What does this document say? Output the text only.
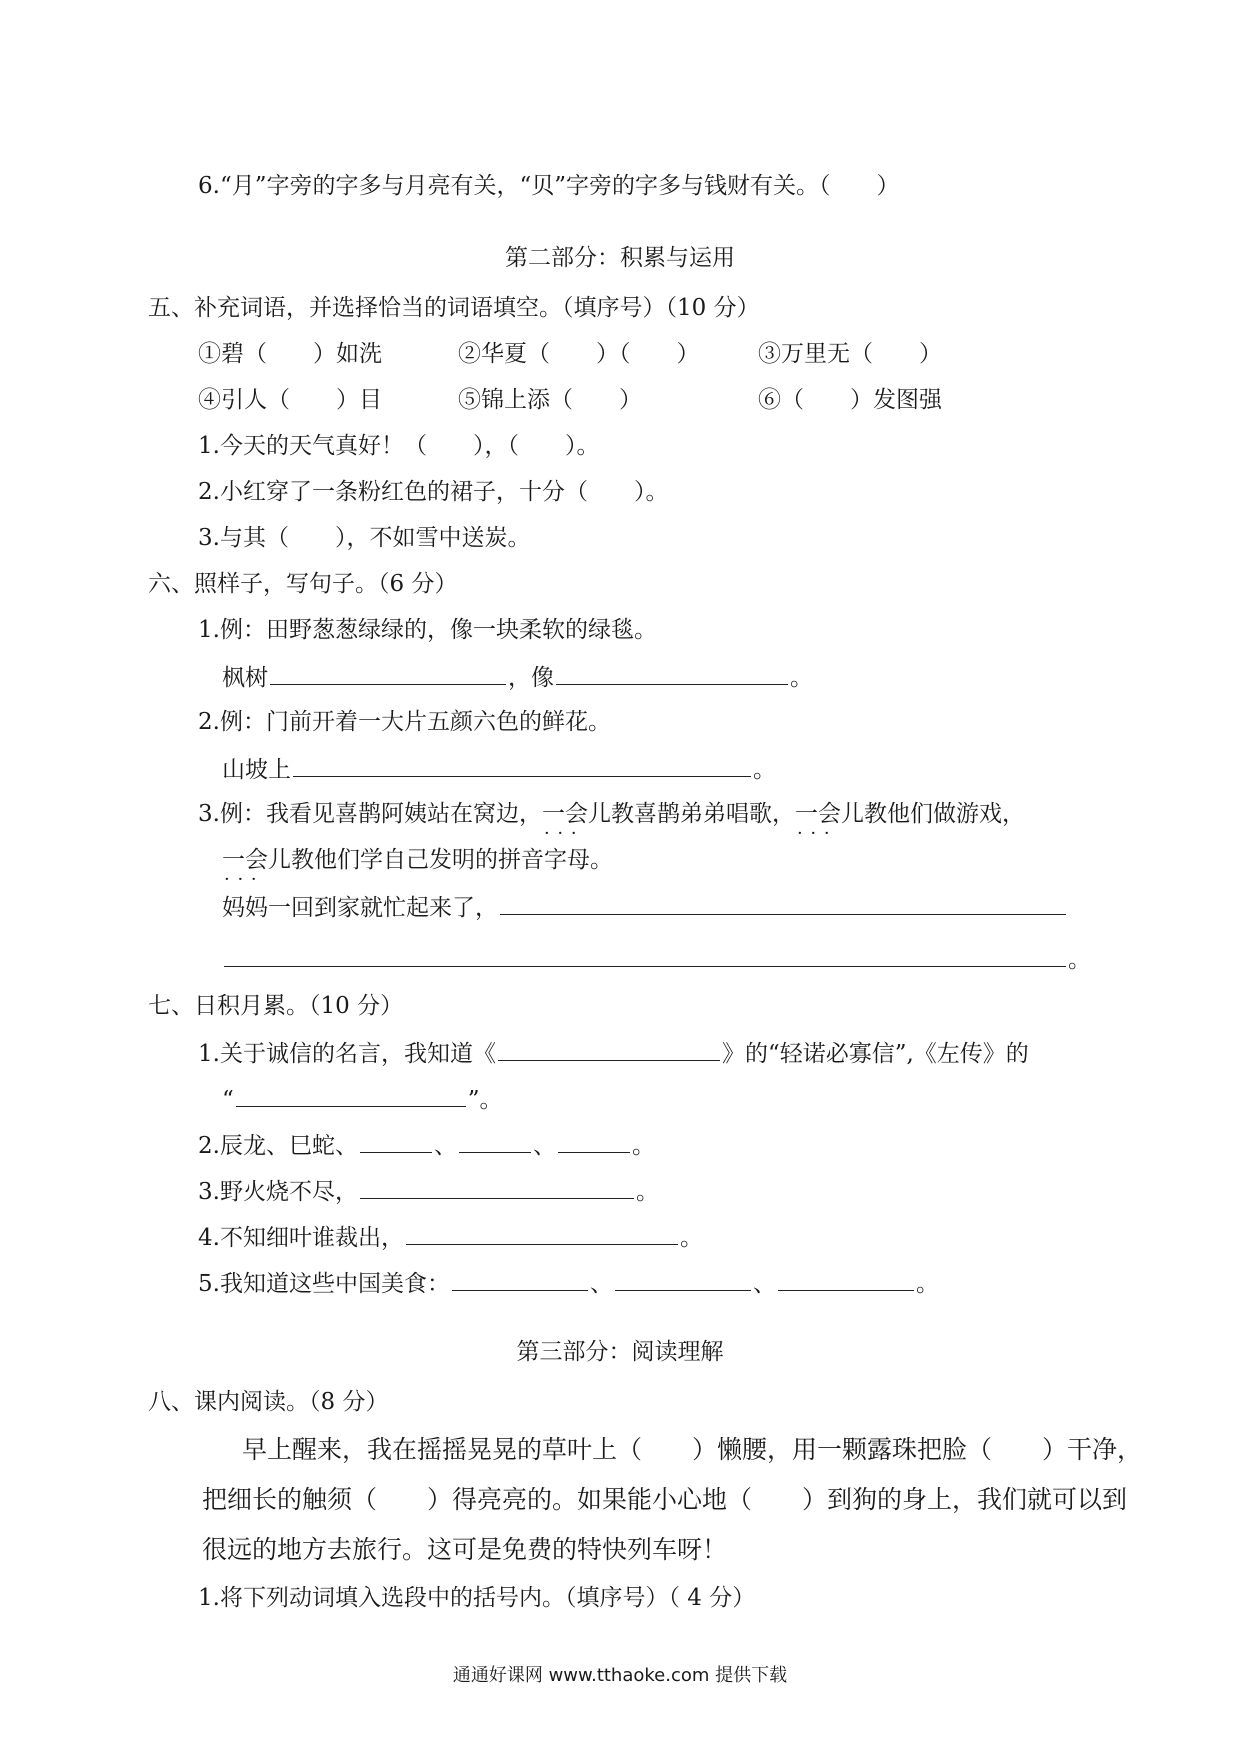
6.“月”字旁的字多与月亮有关，“贝”字旁的字多与钱财有关。（　　）
第二部分：积累与运用
五、补充词语，并选择恰当的词语填空。（填序号）（10 分）
①碧（　　）如洗	②华夏（　　）（　　）	③万里无（　　）
④引人（　　）目	⑤锦上添（　　）	⑥（　　）发图强
1.今天的天气真好！（　　），（　　）。
2.小红穿了一条粉红色的裙子，十分（　　）。
3.与其（　　），不如雪中送炭。
六、照样子，写句子。（6 分）
1.例：田野葱葱绿绿的，像一块柔软的绿毯。
枫树	，像	。
2.例：门前开着一大片五颜六色的鲜花。
山坡上	。
3.例：我看见喜鹊阿姨站在窝边，一会儿 · · ·教喜鹊弟弟唱歌，一会儿 · · ·教他们做游戏，
一会儿 · · ·教他们学自己发明的拼音字母。
妈妈一回到家就忙起来了，
。
七、日积月累。（10 分）
1.关于诚信的名言，我知道《	》的“轻诺必寡信”,《左传》的
“	”。
2.辰龙、巳蛇、	、	、	。
3.野火烧不尽，	。
4.不知细叶谁裁出，	。
5.我知道这些中国美食：	、	、	。
第三部分：阅读理解
八、课内阅读。（8 分）
早上醒来，我在摇摇晃晃的草叶上（　　）懒腰，用一颗露珠把脸（　　）干净，
把细长的触须（　　）得亮亮的。如果能小心地（　　）到狗的身上，我们就可以到
很远的地方去旅行。这可是免费的特快列车呀！
1.将下列动词填入选段中的括号内。（填序号）（ 4 分）
通通好课网 www.tthaoke.com 提供下载
